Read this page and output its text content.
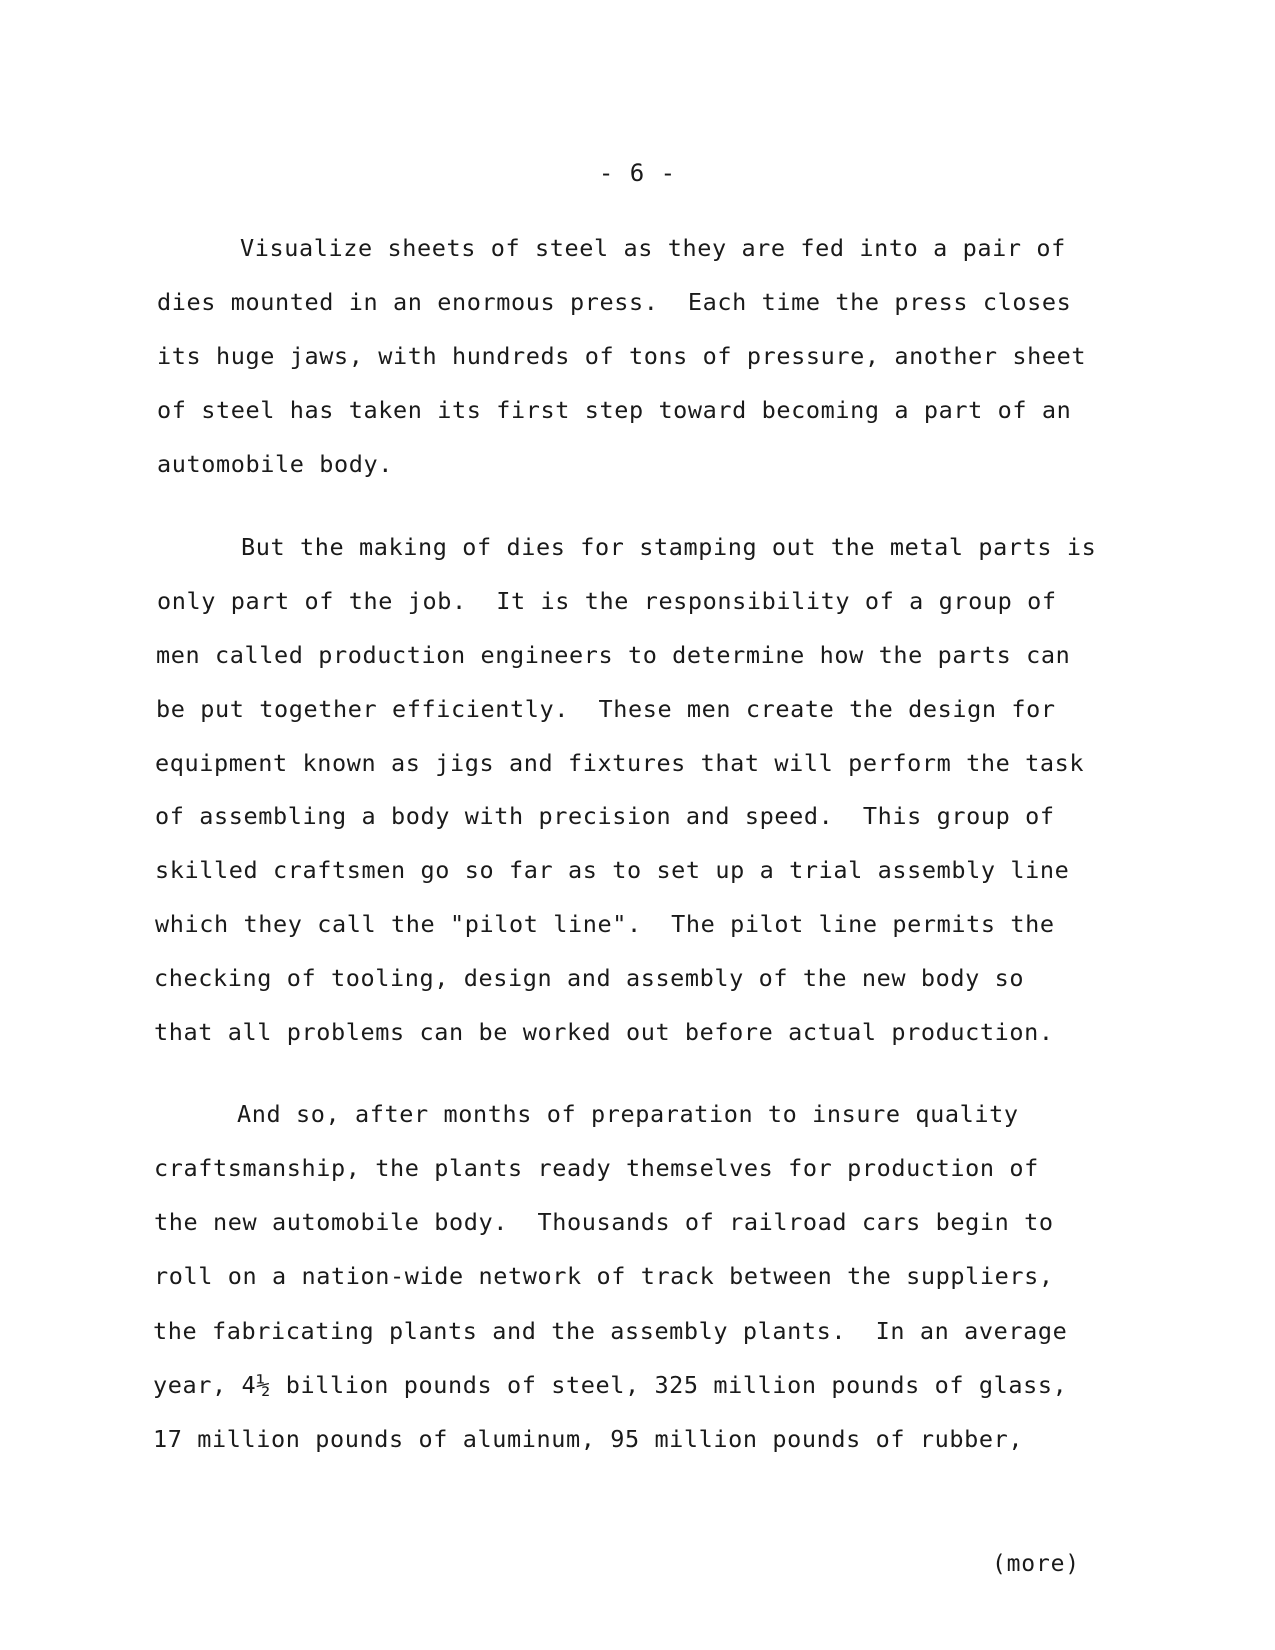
- 6 -
Visualize sheets of steel as they are fed into a pair of
dies mounted in an enormous press.  Each time the press closes
its huge jaws, with hundreds of tons of pressure, another sheet
of steel has taken its first step toward becoming a part of an
automobile body.
But the making of dies for stamping out the metal parts is
only part of the job.  It is the responsibility of a group of
men called production engineers to determine how the parts can
be put together efficiently.  These men create the design for
equipment known as jigs and fixtures that will perform the task
of assembling a body with precision and speed.  This group of
skilled craftsmen go so far as to set up a trial assembly line
which they call the "pilot line".  The pilot line permits the
checking of tooling, design and assembly of the new body so
that all problems can be worked out before actual production.
And so, after months of preparation to insure quality
craftsmanship, the plants ready themselves for production of
the new automobile body.  Thousands of railroad cars begin to
roll on a nation-wide network of track between the suppliers,
the fabricating plants and the assembly plants.  In an average
year, 4½ billion pounds of steel, 325 million pounds of glass,
17 million pounds of aluminum, 95 million pounds of rubber,
(more)
